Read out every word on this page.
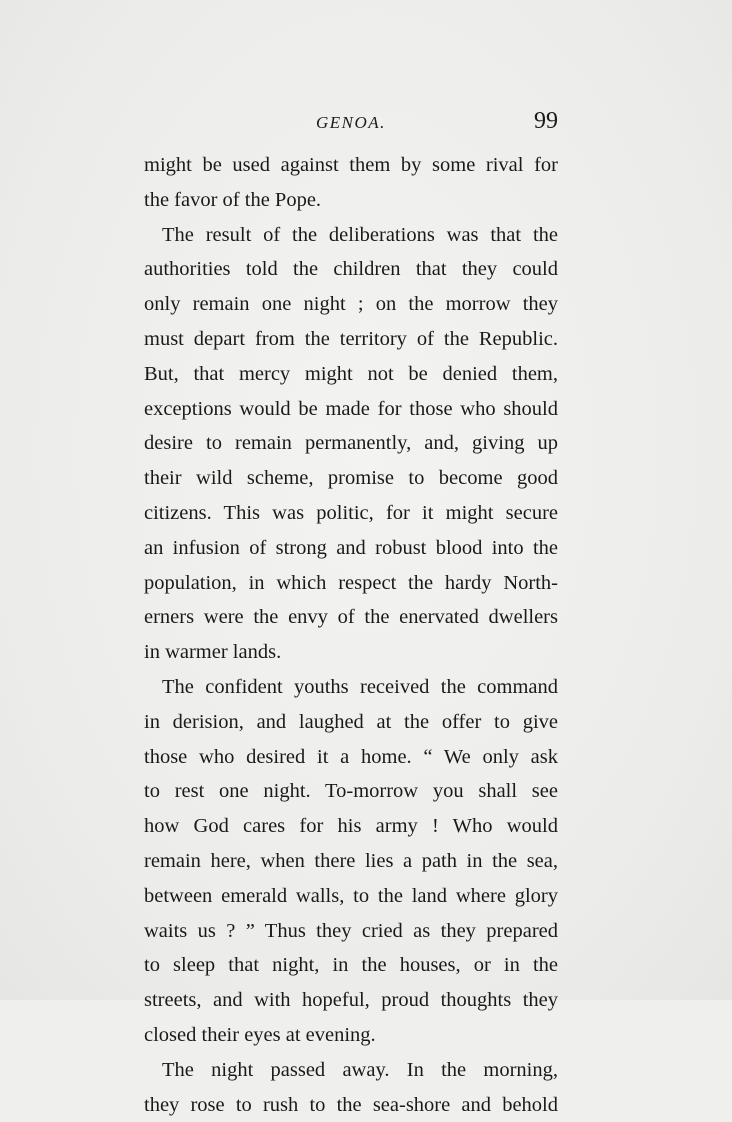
GENOA.	99
might be used against them by some rival for
the favor of the Pope.
The result of the deliberations was that the
authorities told the children that they could
only remain one night ; on the morrow they
must depart from the territory of the Republic.
But, that mercy might not be denied them,
exceptions would be made for those who should
desire to remain permanently, and, giving up
their wild scheme, promise to become good
citizens. This was politic, for it might secure
an infusion of strong and robust blood into the
population, in which respect the hardy North-
erners were the envy of the enervated dwellers
in warmer lands.
The confident youths received the command
in derision, and laughed at the offer to give
those who desired it a home. “ We only ask
to rest one night. To-morrow you shall see
how God cares for his army ! Who would
remain here, when there lies a path in the sea,
between emerald walls, to the land where glory
waits us ? ” Thus they cried as they prepared
to sleep that night, in the houses, or in the
streets, and with hopeful, proud thoughts they
closed their eyes at evening.
The night passed away. In the morning,
they rose to rush to the sea-shore and behold
